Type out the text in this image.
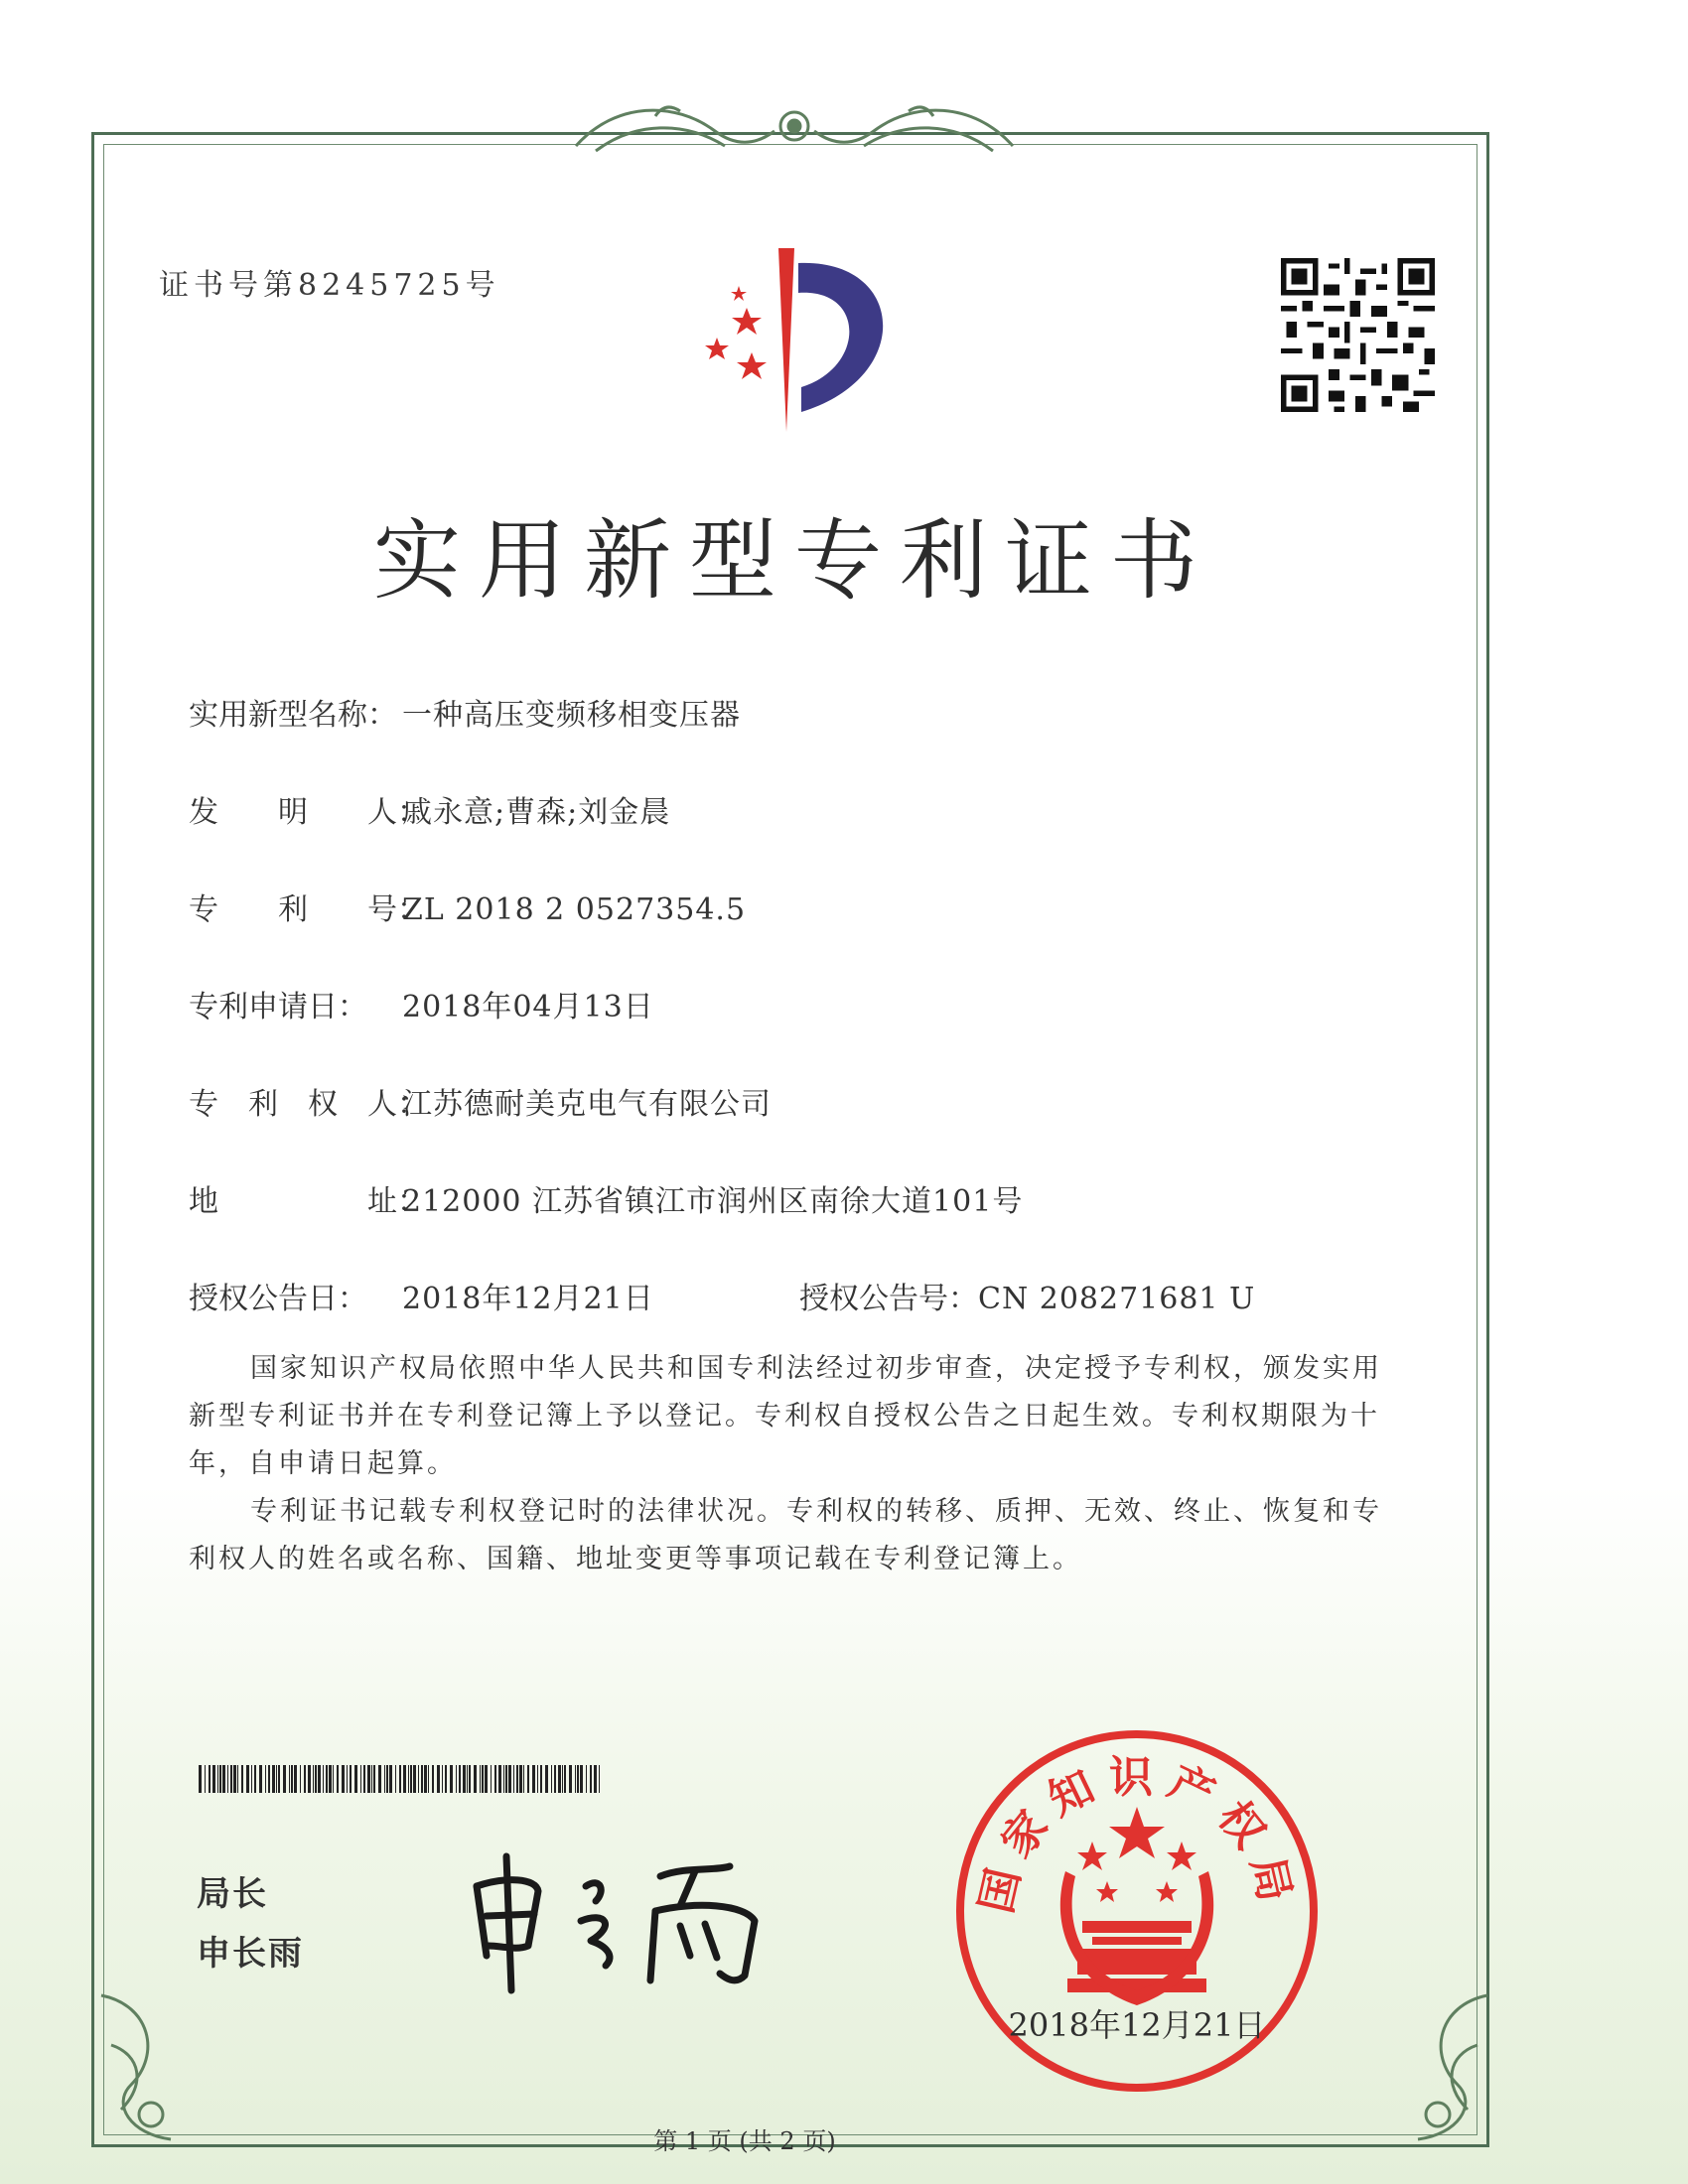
证书号第8245725号
实用新型专利证书
实用新型名称： 一种高压变频移相变压器
发　　明　　人：戚永意;曹森;刘金晨
专　　利　　号：ZL 2018 2 0527354.5
专利申请日： 2018年04月13日
专　利　权　人：江苏德耐美克电气有限公司
地　　　　　址：212000 江苏省镇江市润州区南徐大道101号
授权公告日： 2018年12月21日	授权公告号：CN 208271681 U

国家知识产权局依照中华人民共和国专利法经过初步审查，决定授予专利权，颁发实用新型专利证书并在专利登记簿上予以登记。专利权自授权公告之日起生效。专利权期限为十年，自申请日起算。

专利证书记载专利权登记时的法律状况。专利权的转移、质押、无效、终止、恢复和专利权人的姓名或名称、国籍、地址变更等事项记载在专利登记簿上。

局长
申长雨
国家知识产权局
2018年12月21日
第 1 页 (共 2 页)
